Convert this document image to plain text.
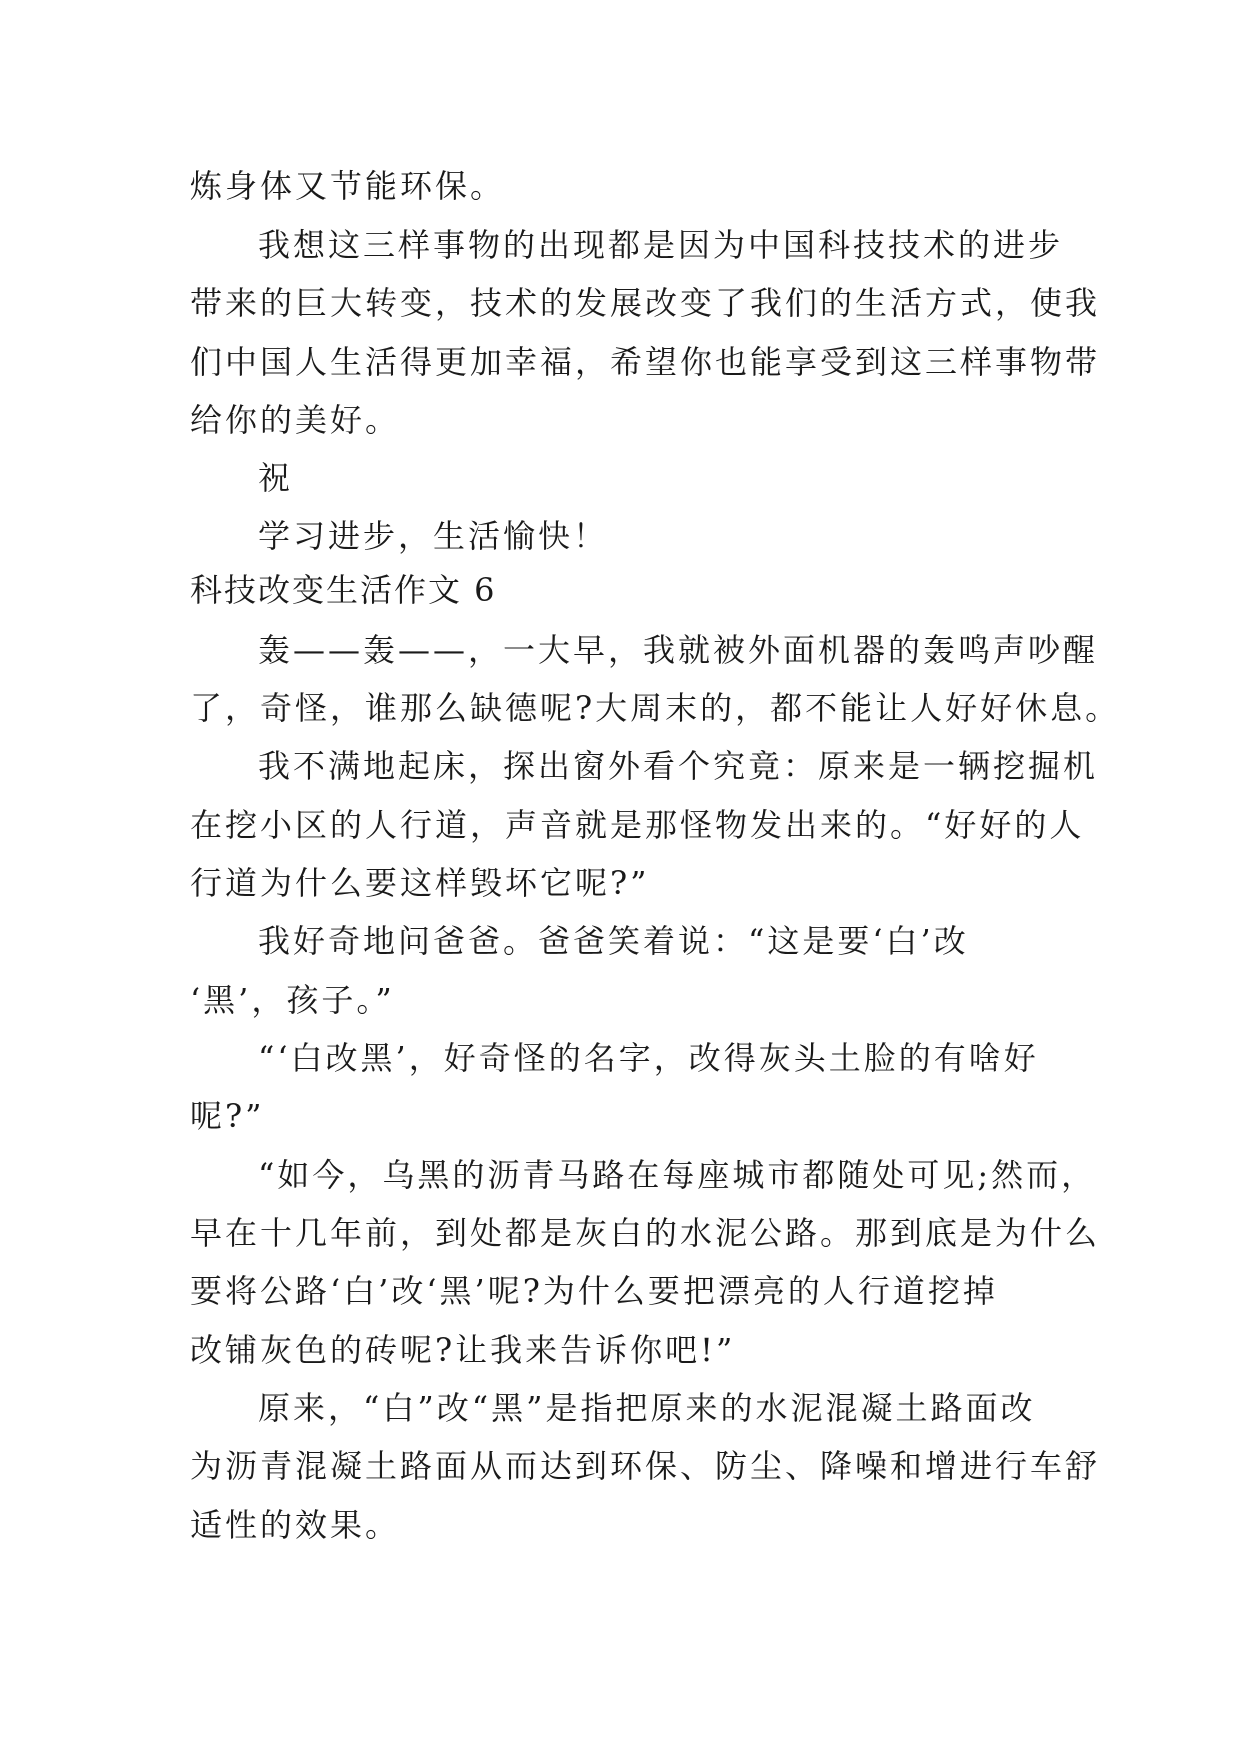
炼身体又节能环保。
我想这三样事物的出现都是因为中国科技技术的进步
带来的巨大转变，技术的发展改变了我们的生活方式，使我
们中国人生活得更加幸福，希望你也能享受到这三样事物带
给你的美好。
祝
学习进步，生活愉快！
科技改变生活作文 6
轰——轰——，一大早，我就被外面机器的轰鸣声吵醒
了，奇怪，谁那么缺德呢?大周末的，都不能让人好好休息。
我不满地起床，探出窗外看个究竟：原来是一辆挖掘机
在挖小区的人行道，声音就是那怪物发出来的。“好好的人
行道为什么要这样毁坏它呢?”
我好奇地问爸爸。爸爸笑着说：“这是要‘白’改
‘黑’，孩子。”
“‘白改黑’，好奇怪的名字，改得灰头土脸的有啥好
呢?”
“如今，乌黑的沥青马路在每座城市都随处可见;然而，
早在十几年前，到处都是灰白的水泥公路。那到底是为什么
要将公路‘白’改‘黑’呢?为什么要把漂亮的人行道挖掉
改铺灰色的砖呢?让我来告诉你吧!”
原来，“白”改“黑”是指把原来的水泥混凝土路面改
为沥青混凝土路面从而达到环保、防尘、降噪和增进行车舒
适性的效果。
